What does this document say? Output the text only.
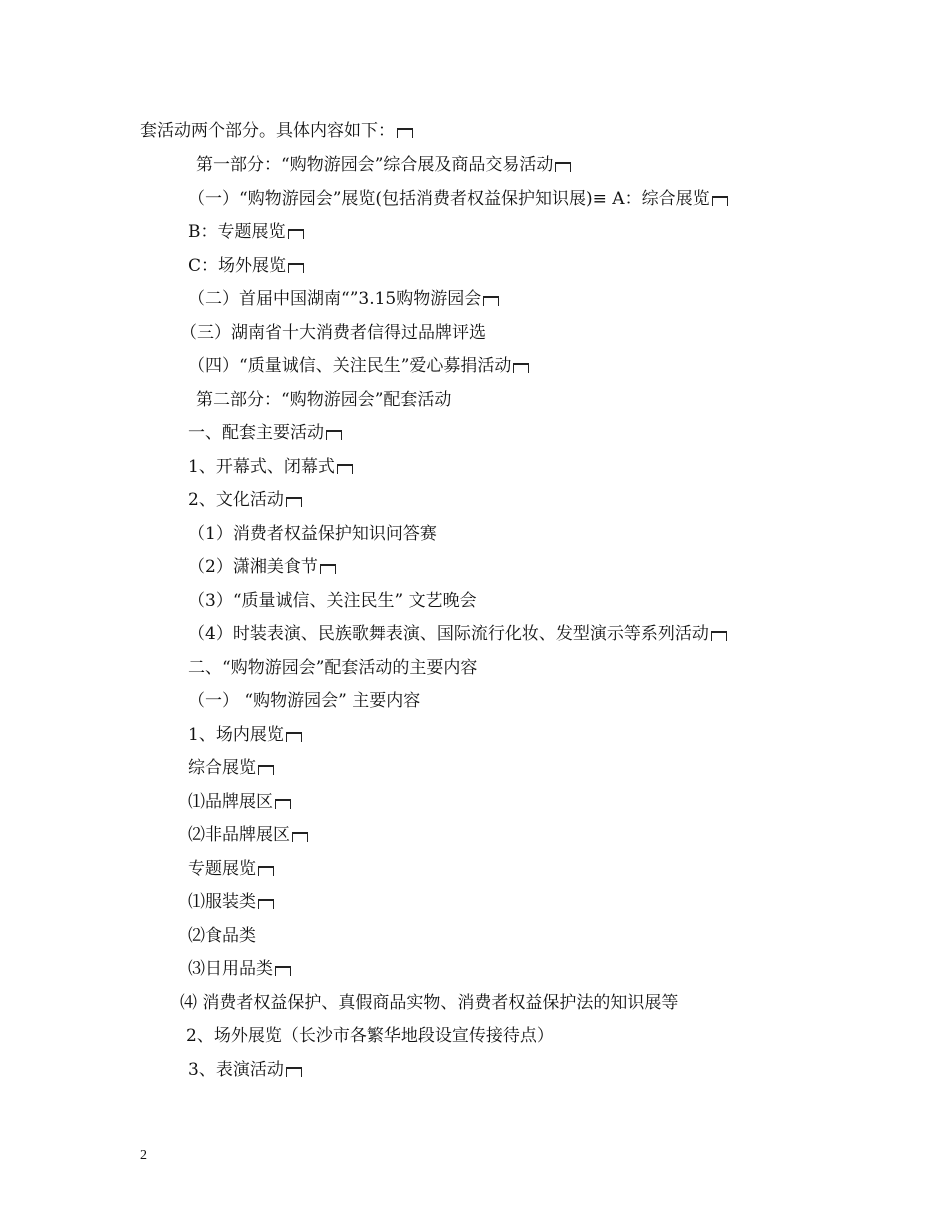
套活动两个部分。具体内容如下：
第一部分：“购物游园会”综合展及商品交易活动
（一）“购物游园会”展览(包括消费者权益保护知识展)≡ A：综合展览
B：专题展览
C：场外展览
（二）首届中国湖南“”3.15购物游园会
（三）湖南省十大消费者信得过品牌评选
（四）“质量诚信、关注民生”爱心募捐活动
第二部分：“购物游园会”配套活动
一、配套主要活动
1、开幕式、闭幕式
2、文化活动
（1）消费者权益保护知识问答赛
（2）潇湘美食节
（3）“质量诚信、关注民生” 文艺晚会
（4）时装表演、民族歌舞表演、国际流行化妆、发型演示等系列活动
二、“购物游园会”配套活动的主要内容
（一） “购物游园会” 主要内容
1、场内展览
综合展览
⑴品牌展区
⑵非品牌展区
专题展览
⑴服装类
⑵食品类
⑶日用品类
⑷ 消费者权益保护、真假商品实物、消费者权益保护法的知识展等
2、场外展览（长沙市各繁华地段设宣传接待点）
3、表演活动
2
